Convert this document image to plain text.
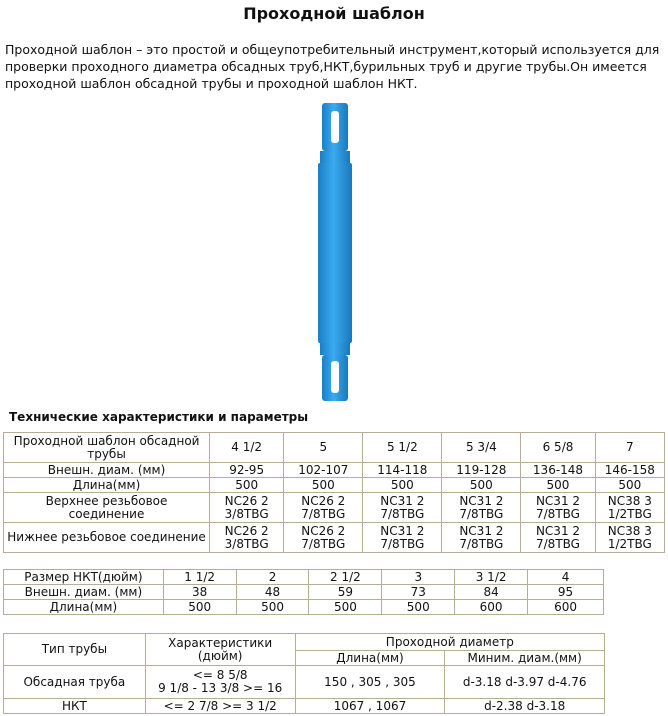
Проходной шаблон
Проходной шаблон – это простой и общеупотребительный инструмент,который используется для проверки проходного диаметра обсадных труб,НКТ,бурильных труб и другие трубы.Он имеется проходной шаблон обсадной трубы и проходной шаблон НКТ.
Технические характеристики и параметры
Проходной шаблон обсадной трубы	4 1/2	5	5 1/2	5 3/4	6 5/8	7
Внешн. диам. (мм)	92-95	102-107	114-118	119-128	136-148	146-158
Длина(мм)	500	500	500	500	500	500
Верхнее резьбовое соединение	NC26 2 3/8TBG	NC26 2 7/8TBG	NC31 2 7/8TBG	NC31 2 7/8TBG	NC31 2 7/8TBG	NC38 3 1/2TBG
Нижнее резьбовое соединение	NC26 2 3/8TBG	NC26 2 7/8TBG	NC31 2 7/8TBG	NC31 2 7/8TBG	NC31 2 7/8TBG	NC38 3 1/2TBG
Размер НКТ(дюйм)	1 1/2	2	2 1/2	3	3 1/2	4
Внешн. диам. (мм)	38	48	59	73	84	95
Длина(мм)	500	500	500	500	600	600
Тип трубы	Характеристики (дюйм)	Проходной диаметр	
		Длина(мм)	Миним. диам.(мм)
Обсадная труба	<= 8 5/8
9 1/8 - 13 3/8 >= 16	150 , 305 , 305	d-3.18 d-3.97 d-4.76
НКТ	<= 2 7/8 >= 3 1/2	1067 , 1067	d-2.38 d-3.18
